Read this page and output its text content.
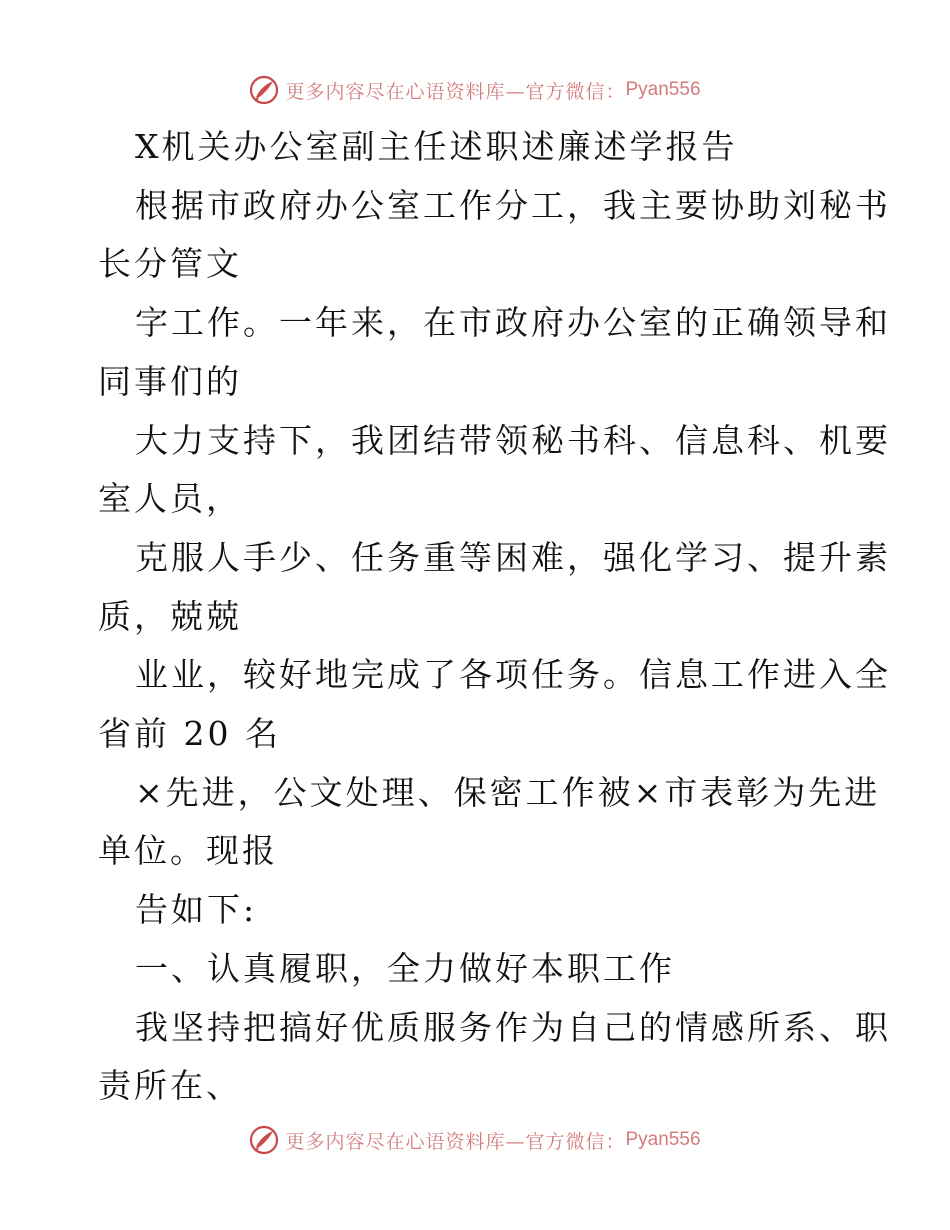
更多内容尽在心语资料库—官方微信： Pyan556

X机关办公室副主任述职述廉述学报告

根据市政府办公室工作分工，我主要协助刘秘书

长分管文

字工作。一年来，在市政府办公室的正确领导和

同事们的

大力支持下，我团结带领秘书科、信息科、机要

室人员，

克服人手少、任务重等困难，强化学习、提升素

质，兢兢

业业，较好地完成了各项任务。信息工作进入全

省前 20 名

×先进，公文处理、保密工作被×市表彰为先进

单位。现报

告如下:

一、认真履职，全力做好本职工作

我坚持把搞好优质服务作为自己的情感所系、职

责所在、

更多内容尽在心语资料库—官方微信： Pyan556
